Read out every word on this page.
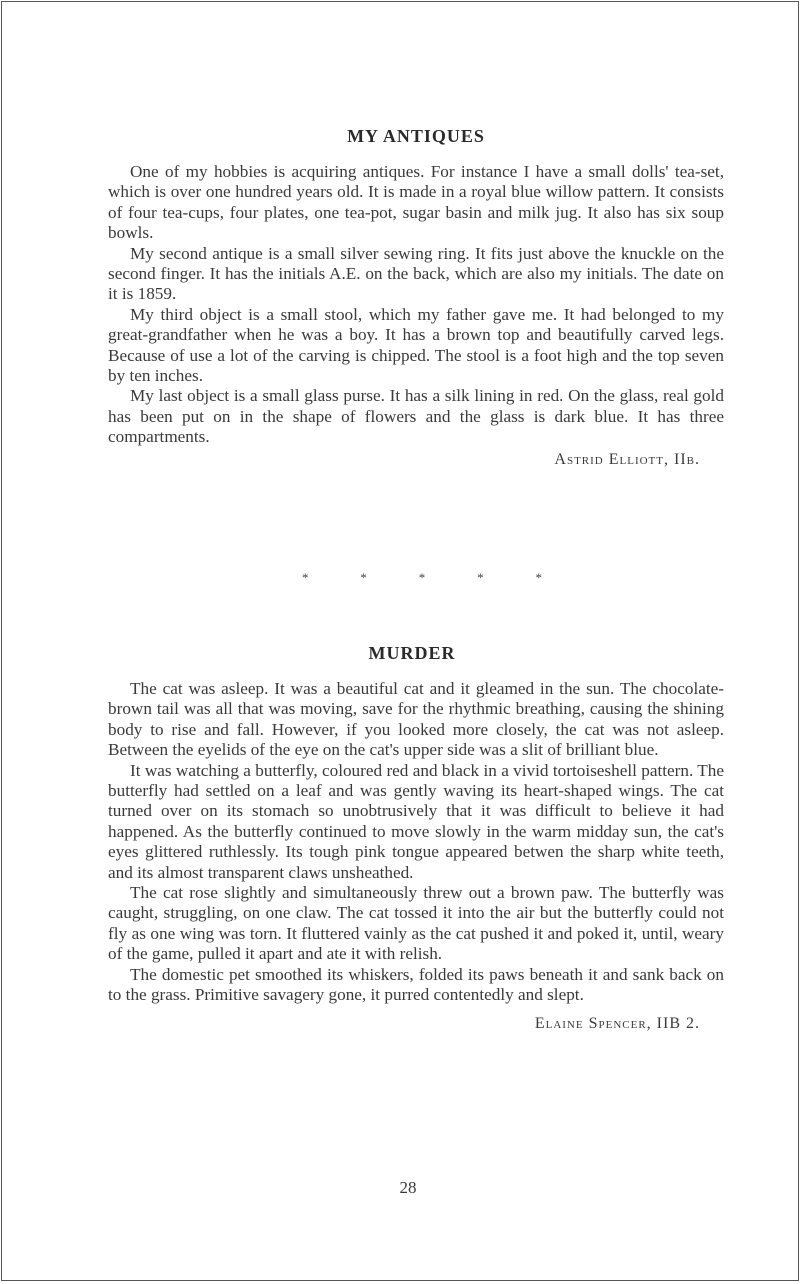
MY ANTIQUES

One of my hobbies is acquiring antiques. For instance I have a small dolls' tea-set, which is over one hundred years old. It is made in a royal blue willow pattern. It consists of four tea-cups, four plates, one tea-pot, sugar basin and milk jug. It also has six soup bowls.

My second antique is a small silver sewing ring. It fits just above the knuckle on the second finger. It has the initials A.E. on the back, which are also my initials. The date on it is 1859.

My third object is a small stool, which my father gave me. It had belonged to my great-grandfather when he was a boy. It has a brown top and beautifully carved legs. Because of use a lot of the carving is chipped. The stool is a foot high and the top seven by ten inches.

My last object is a small glass purse. It has a silk lining in red. On the glass, real gold has been put on in the shape of flowers and the glass is dark blue. It has three compartments.

Astrid Elliott, IIb.
*	*	*	*	*
MURDER

The cat was asleep. It was a beautiful cat and it gleamed in the sun. The chocolate-brown tail was all that was moving, save for the rhythmic breathing, causing the shining body to rise and fall. However, if you looked more closely, the cat was not asleep. Between the eyelids of the eye on the cat's upper side was a slit of brilliant blue.

It was watching a butterfly, coloured red and black in a vivid tortoiseshell pattern. The butterfly had settled on a leaf and was gently waving its heart-shaped wings. The cat turned over on its stomach so unobtrusively that it was difficult to believe it had happened. As the butterfly continued to move slowly in the warm midday sun, the cat's eyes glittered ruthlessly. Its tough pink tongue appeared betwen the sharp white teeth, and its almost transparent claws unsheathed.

The cat rose slightly and simultaneously threw out a brown paw. The butterfly was caught, struggling, on one claw. The cat tossed it into the air but the butterfly could not fly as one wing was torn. It fluttered vainly as the cat pushed it and poked it, until, weary of the game, pulled it apart and ate it with relish.

The domestic pet smoothed its whiskers, folded its paws beneath it and sank back on to the grass. Primitive savagery gone, it purred contentedly and slept.

Elaine Spencer, IIB 2.
28
